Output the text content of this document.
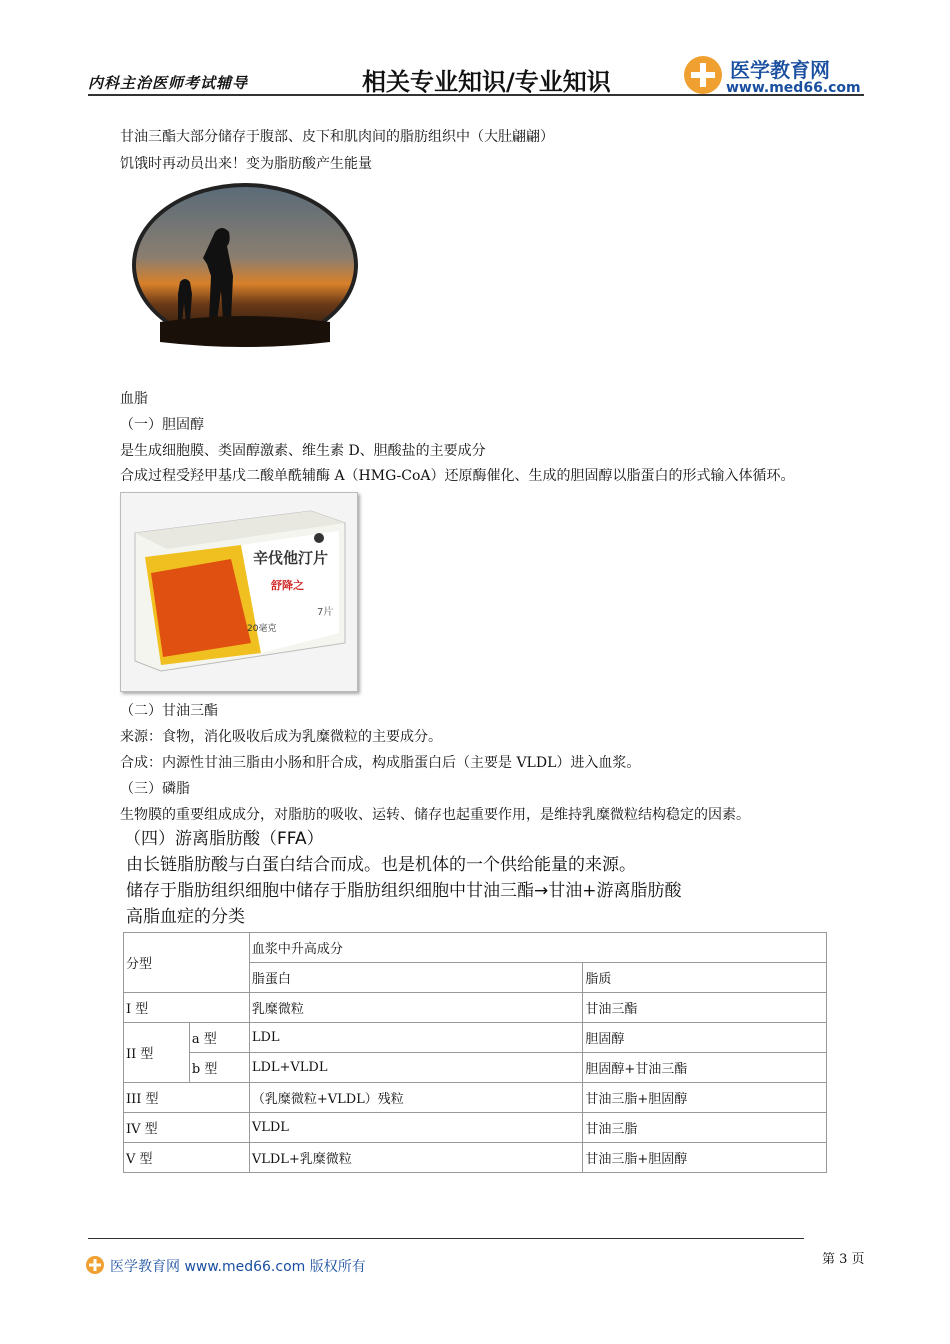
内科主治医师考试辅导	相关专业知识/专业知识	医学教育网
www.med66.com
甘油三酯大部分储存于腹部、皮下和肌肉间的脂肪组织中（大肚翩翩）
饥饿时再动员出来！变为脂肪酸产生能量
血脂
（一）胆固醇
是生成细胞膜、类固醇激素、维生素 D、胆酸盐的主要成分
合成过程受羟甲基戊二酸单酰辅酶 A（HMG-CoA）还原酶催化、生成的胆固醇以脂蛋白的形式输入体循环。
辛伐他汀片
舒降之
20毫克
7片
（二）甘油三酯
来源：食物，消化吸收后成为乳糜微粒的主要成分。
合成：内源性甘油三脂由小肠和肝合成，构成脂蛋白后（主要是 VLDL）进入血浆。
（三）磷脂
生物膜的重要组成成分，对脂肪的吸收、运转、储存也起重要作用，是维持乳糜微粒结构稳定的因素。
（四）游离脂肪酸（FFA）
由长链脂肪酸与白蛋白结合而成。也是机体的一个供给能量的来源。
储存于脂肪组织细胞中储存于脂肪组织细胞中甘油三酯→甘油+游离脂肪酸
高脂血症的分类
分型		血浆中升高成分	
		脂蛋白	脂质
I 型		乳糜微粒	甘油三酯
II 型	a 型	LDL	胆固醇
	b 型	LDL+VLDL	胆固醇+甘油三酯
III 型		（乳糜微粒+VLDL）残粒	甘油三脂+胆固醇
IV 型		VLDL	甘油三脂
V 型		VLDL+乳糜微粒	甘油三脂+胆固醇
第 3 页
医学教育网 www.med66.com 版权所有
